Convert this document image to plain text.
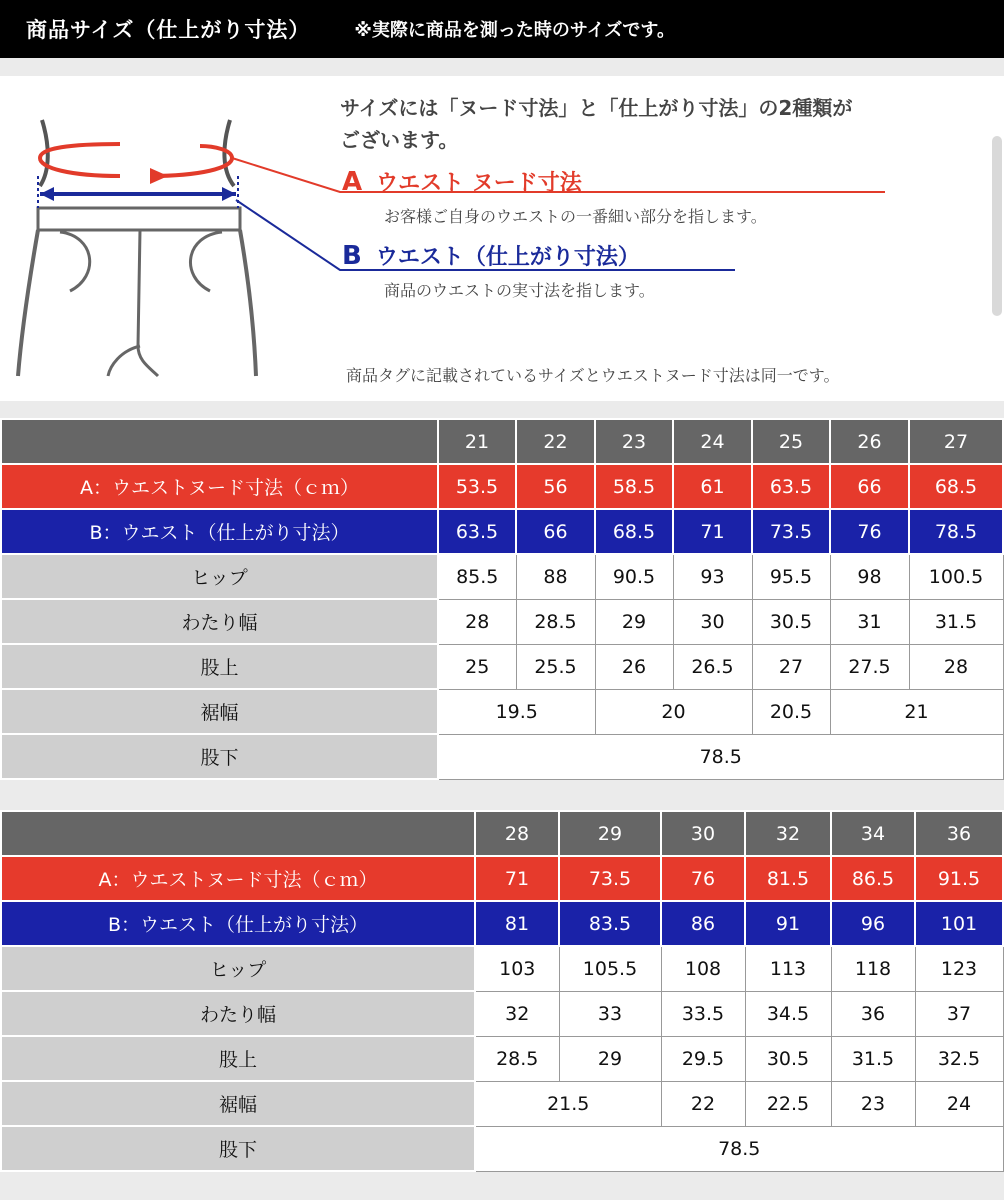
商品サイズ（仕上がり寸法） ※実際に商品を測った時のサイズです。
サイズには「ヌード寸法」と「仕上がり寸法」の2種類が
ございます。
A ウエスト ヌード寸法
お客様ご自身のウエストの一番細い部分を指します。
B ウエスト（仕上がり寸法）
商品のウエストの実寸法を指します。
商品タグに記載されているサイズとウエストヌード寸法は同一です。
	21	22	23	24	25	26	27
A：ウエストヌード寸法（ｃｍ）	53.5	56	58.5	61	63.5	66	68.5
B：ウエスト（仕上がり寸法）	63.5	66	68.5	71	73.5	76	78.5
ヒップ	85.5	88	90.5	93	95.5	98	100.5
わたり幅	28	28.5	29	30	30.5	31	31.5
股上	25	25.5	26	26.5	27	27.5	28
裾幅	19.5		20		20.5	21	
股下	78.5						
	28	29	30	32	34	36
A：ウエストヌード寸法（ｃｍ）	71	73.5	76	81.5	86.5	91.5
B：ウエスト（仕上がり寸法）	81	83.5	86	91	96	101
ヒップ	103	105.5	108	113	118	123
わたり幅	32	33	33.5	34.5	36	37
股上	28.5	29	29.5	30.5	31.5	32.5
裾幅	21.5		22	22.5	23	24
股下	78.5					
